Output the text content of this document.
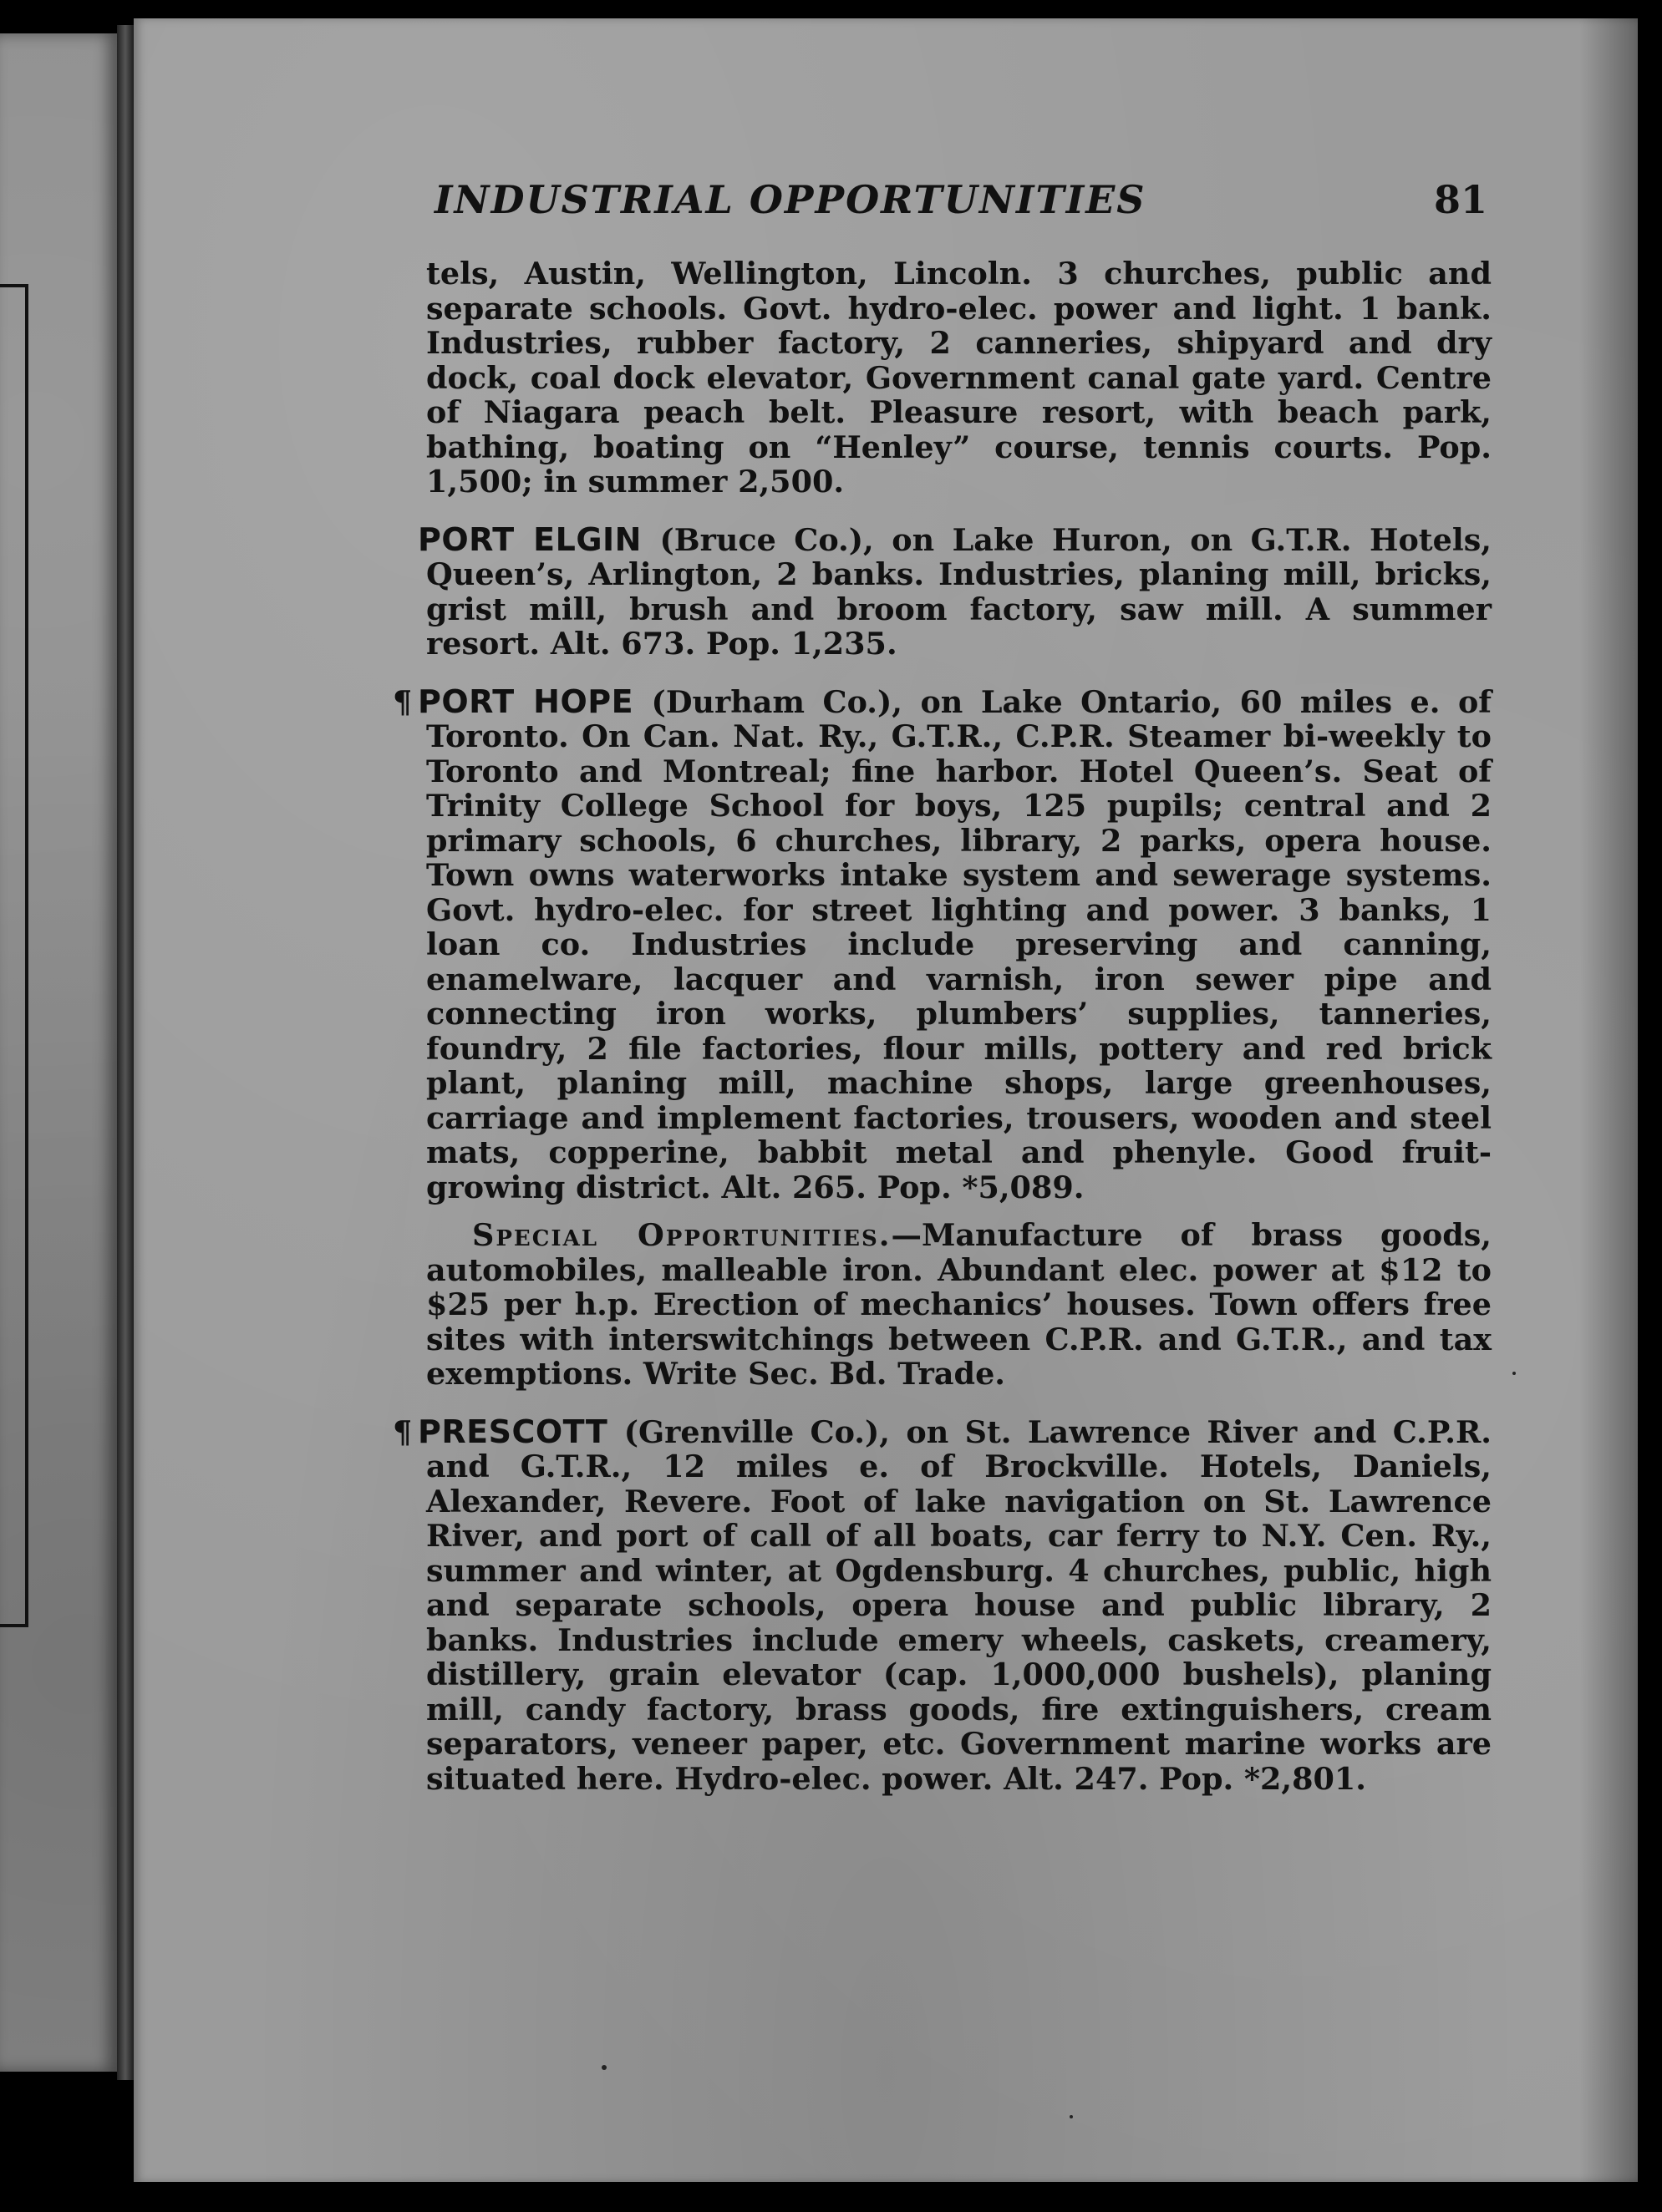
INDUSTRIAL OPPORTUNITIES	81

tels, Austin, Wellington, Lincoln. 3 churches, public and separate schools. Govt. hydro-elec. power and light. 1 bank. Industries, rubber factory, 2 canneries, shipyard and dry dock, coal dock elevator, Government canal gate yard. Centre of Niagara peach belt. Pleasure resort, with beach park, bathing, boating on “Henley” course, tennis courts. Pop. 1,500; in summer 2,500.

PORT ELGIN (Bruce Co.), on Lake Huron, on G.T.R. Hotels, Queen’s, Arlington, 2 banks. Industries, planing mill, bricks, grist mill, brush and broom factory, saw mill. A summer resort. Alt. 673. Pop. 1,235.

¶ PORT HOPE (Durham Co.), on Lake Ontario, 60 miles e. of Toronto. On Can. Nat. Ry., G.T.R., C.P.R. Steamer bi-weekly to Toronto and Montreal; fine harbor. Hotel Queen’s. Seat of Trinity College School for boys, 125 pupils; central and 2 primary schools, 6 churches, library, 2 parks, opera house. Town owns waterworks intake system and sewerage systems. Govt. hydro-elec. for street lighting and power. 3 banks, 1 loan co. Industries include preserving and canning, enamelware, lacquer and varnish, iron sewer pipe and connecting iron works, plumbers’ supplies, tanneries, foundry, 2 file factories, flour mills, pottery and red brick plant, planing mill, machine shops, large greenhouses, carriage and implement factories, trousers, wooden and steel mats, copperine, babbit metal and phenyle. Good fruit-growing district. Alt. 265. Pop. *5,089.

Special Opportunities.—Manufacture of brass goods, automobiles, malleable iron. Abundant elec. power at $12 to $25 per h.p. Erection of mechanics’ houses. Town offers free sites with interswitchings between C.P.R. and G.T.R., and tax exemptions. Write Sec. Bd. Trade.

¶ PRESCOTT (Grenville Co.), on St. Lawrence River and C.P.R. and G.T.R., 12 miles e. of Brockville. Hotels, Daniels, Alexander, Revere. Foot of lake navigation on St. Lawrence River, and port of call of all boats, car ferry to N.Y. Cen. Ry., summer and winter, at Ogdensburg. 4 churches, public, high and separate schools, opera house and public library, 2 banks. Industries include emery wheels, caskets, creamery, distillery, grain elevator (cap. 1,000,000 bushels), planing mill, candy factory, brass goods, fire extinguishers, cream separators, veneer paper, etc. Government marine works are situated here. Hydro-elec. power. Alt. 247. Pop. *2,801.
